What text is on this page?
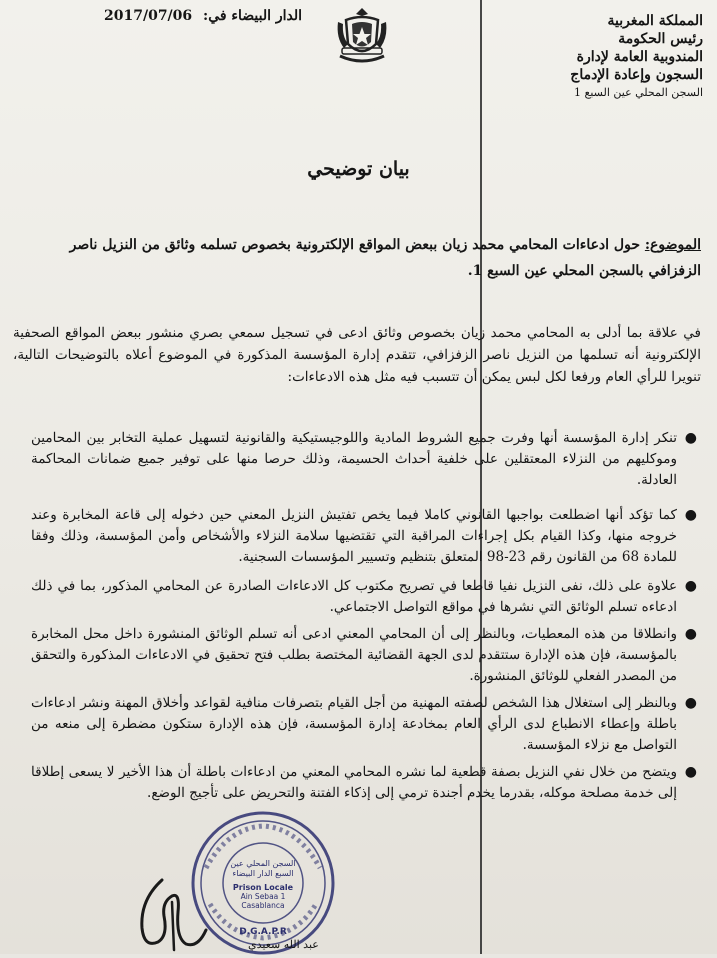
المملكة المغربية
رئيس الحكومة
المندوبية العامة لإدارة
السجون وإعادة الإدماج
السجن المحلي عين السبع 1
2017/07/06 الدار البيضاء في:
بيان توضيحي
الموضوع: حول ادعاءات المحامي محمد زيان ببعض المواقع الإلكترونية بخصوص تسلمه وثائق من النزيل ناصر الزفزافي بالسجن المحلي عين السبع 1.
في علاقة بما أدلى به المحامي محمد زيان بخصوص وثائق ادعى في تسجيل سمعي بصري منشور ببعض المواقع الصحفية الإلكترونية أنه تسلمها من النزيل ناصر الزفزافي، تتقدم إدارة المؤسسة المذكورة في الموضوع أعلاه بالتوضيحات التالية، تنويرا للرأي العام ورفعا لكل لبس يمكن أن تتسبب فيه مثل هذه الادعاءات:
●
تنكر إدارة المؤسسة أنها وفرت جميع الشروط المادية واللوجيستيكية والقانونية لتسهيل عملية التخابر بين المحامين وموكليهم من النزلاء المعتقلين على خلفية أحداث الحسيمة، وذلك حرصا منها على توفير جميع ضمانات المحاكمة العادلة.
●
كما تؤكد أنها اضطلعت بواجبها القانوني كاملا فيما يخص تفتيش النزيل المعني حين دخوله إلى قاعة المخابرة وعند خروجه منها، وكذا القيام بكل إجراءات المراقبة التي تقتضيها سلامة النزلاء والأشخاص وأمن المؤسسة، وذلك وفقا للمادة 68 من القانون رقم 23-98 المتعلق بتنظيم وتسيير المؤسسات السجنية.
●
علاوة على ذلك، نفى النزيل نفيا قاطعا في تصريح مكتوب كل الادعاءات الصادرة عن المحامي المذكور، بما في ذلك ادعاءه تسلم الوثائق التي نشرها في مواقع التواصل الاجتماعي.
●
وانطلاقا من هذه المعطيات، وبالنظر إلى أن المحامي المعني ادعى أنه تسلم الوثائق المنشورة داخل محل المخابرة بالمؤسسة، فإن هذه الإدارة ستتقدم لدى الجهة القضائية المختصة بطلب فتح تحقيق في الادعاءات المذكورة والتحقق من المصدر الفعلي للوثائق المنشورة.
●
وبالنظر إلى استغلال هذا الشخص لصفته المهنية من أجل القيام بتصرفات منافية لقواعد وأخلاق المهنة ونشر ادعاءات باطلة وإعطاء الانطباع لدى الرأي العام بمخادعة إدارة المؤسسة، فإن هذه الإدارة ستكون مضطرة إلى منعه من التواصل مع نزلاء المؤسسة.
●
ويتضح من خلال نفي النزيل بصفة قطعية لما نشره المحامي المعني من ادعاءات باطلة أن هذا الأخير لا يسعى إطلاقا إلى خدمة مصلحة موكله، بقدرما يخدم أجندة ترمي إلى إذكاء الفتنة والتحريض على تأجيج الوضع.
السجن المحلي عين
السبع الدار البيضاء
Prison Locale
Ain Sebaa 1
Casablanca
D.G.A.P.R
عبد الله سعيدي
